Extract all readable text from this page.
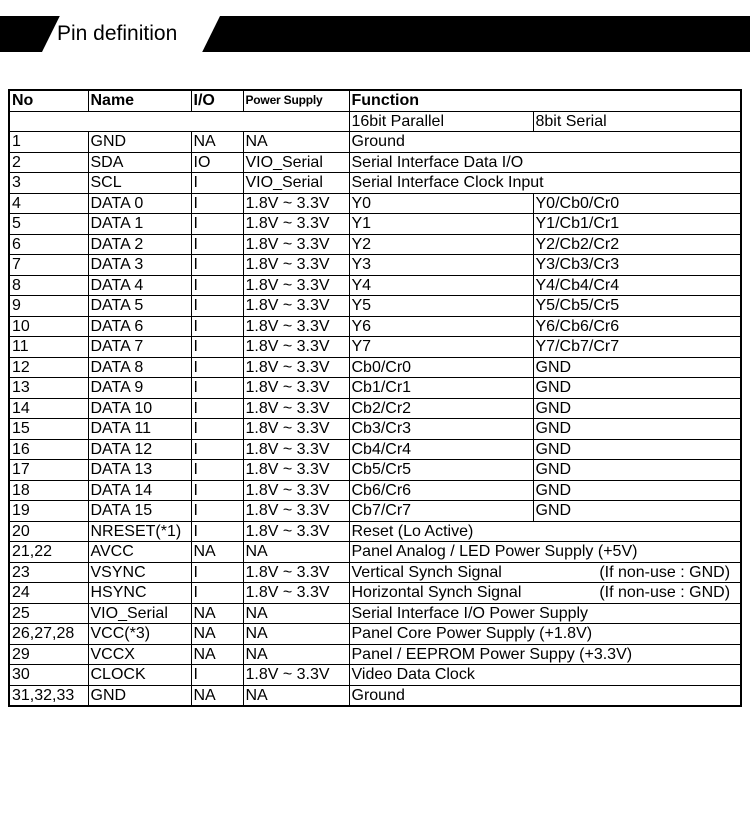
Pin definition
No	Name	I/O	Power Supply	Function	
				16bit Parallel	8bit Serial
1	GND	NA	NA	Ground	
2	SDA	IO	VIO_Serial	Serial Interface Data I/O	
3	SCL	I	VIO_Serial	Serial Interface Clock Input	
4	DATA 0	I	1.8V ~ 3.3V	Y0	Y0/Cb0/Cr0
5	DATA 1	I	1.8V ~ 3.3V	Y1	Y1/Cb1/Cr1
6	DATA 2	I	1.8V ~ 3.3V	Y2	Y2/Cb2/Cr2
7	DATA 3	I	1.8V ~ 3.3V	Y3	Y3/Cb3/Cr3
8	DATA 4	I	1.8V ~ 3.3V	Y4	Y4/Cb4/Cr4
9	DATA 5	I	1.8V ~ 3.3V	Y5	Y5/Cb5/Cr5
10	DATA 6	I	1.8V ~ 3.3V	Y6	Y6/Cb6/Cr6
11	DATA 7	I	1.8V ~ 3.3V	Y7	Y7/Cb7/Cr7
12	DATA 8	I	1.8V ~ 3.3V	Cb0/Cr0	GND
13	DATA 9	I	1.8V ~ 3.3V	Cb1/Cr1	GND
14	DATA 10	I	1.8V ~ 3.3V	Cb2/Cr2	GND
15	DATA 11	I	1.8V ~ 3.3V	Cb3/Cr3	GND
16	DATA 12	I	1.8V ~ 3.3V	Cb4/Cr4	GND
17	DATA 13	I	1.8V ~ 3.3V	Cb5/Cr5	GND
18	DATA 14	I	1.8V ~ 3.3V	Cb6/Cr6	GND
19	DATA 15	I	1.8V ~ 3.3V	Cb7/Cr7	GND
20	NRESET(*1)	I	1.8V ~ 3.3V	Reset (Lo Active)	
21,22	AVCC	NA	NA	Panel Analog / LED Power Supply (+5V)	
23	VSYNC	I	1.8V ~ 3.3V	Vertical Synch Signal (If non-use : GND)	

24	HSYNC	I	1.8V ~ 3.3V	Horizontal Synch Signal (If non-use : GND)	

25	VIO_Serial	NA	NA	Serial Interface I/O Power Supply	
26,27,28	VCC(*3)	NA	NA	Panel Core Power Supply (+1.8V)	
29	VCCX	NA	NA	Panel / EEPROM Power Suppy (+3.3V)	
30	CLOCK	I	1.8V ~ 3.3V	Video Data Clock	
31,32,33	GND	NA	NA	Ground	
